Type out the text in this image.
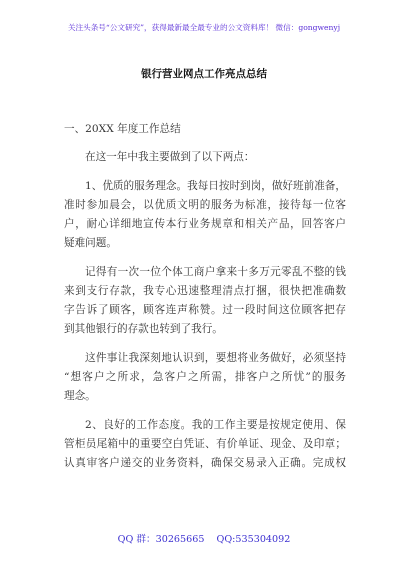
关注头条号“公文研究”，获得最新最全最专业的公文资料库！ 微信：gongwenyj
银行营业网点工作亮点总结
一、20XX 年度工作总结
在这一年中我主要做到了以下两点：
1、优质的服务理念。我每日按时到岗，做好班前准备，
准时参加晨会，以优质文明的服务为标准，接待每一位客
户，耐心详细地宣传本行业务规章和相关产品，回答客户
疑难问题。
记得有一次一位个体工商户拿来十多万元零乱不整的钱
来到支行存款，我专心迅速整理清点打捆，很快把准确数
字告诉了顾客，顾客连声称赞。过一段时间这位顾客把存
到其他银行的存款也转到了我行。
这件事让我深刻地认识到，要想将业务做好，必须坚持
“想客户之所求，急客户之所需，排客户之所忧”的服务
理念。
2、良好的工作态度。我的工作主要是按规定使用、保
管柜员尾箱中的重要空白凭证、有价单证、现金、及印章；
认真审客户递交的业务资料，确保交易录入正确。完成权
QQ 群：30265665 QQ:535304092
